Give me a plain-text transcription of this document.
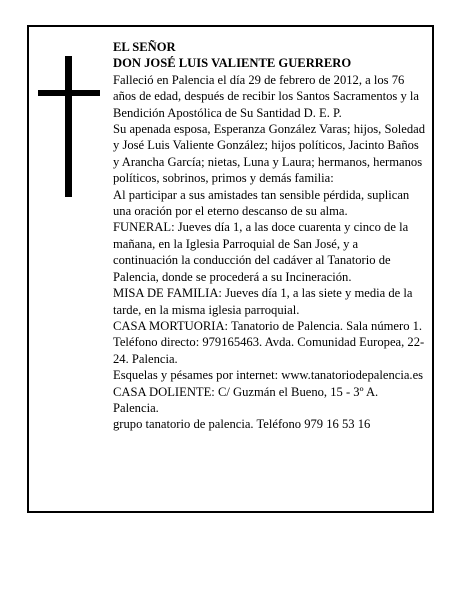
EL SEÑOR

DON JOSÉ LUIS VALIENTE GUERRERO

Falleció en Palencia el día 29 de febrero de 2012, a los 76 años de edad, después de recibir los Santos Sacramentos y la Bendición Apostólica de Su Santidad D. E. P.

Su apenada esposa, Esperanza González Varas; hijos, Soledad y José Luis Valiente González; hijos políticos, Jacinto Baños y Arancha García; nietas, Luna y Laura; hermanos, hermanos políticos, sobrinos, primos y demás familia:

Al participar a sus amistades tan sensible pérdida, suplican una oración por el eterno descanso de su alma.

FUNERAL: Jueves día 1, a las doce cuarenta y cinco de la mañana, en la Iglesia Parroquial de San José, y a continuación la conducción del cadáver al Tanatorio de Palencia, donde se procederá a su Incineración.

MISA DE FAMILIA: Jueves día 1, a las siete y media de la tarde, en la misma iglesia parroquial.

CASA MORTUORIA: Tanatorio de Palencia. Sala número 1. Teléfono directo: 979165463. Avda. Comunidad Europea, 22-24. Palencia.

Esquelas y pésames por internet: www.tanatoriodepalencia.es

CASA DOLIENTE: C/ Guzmán el Bueno, 15 - 3º A. Palencia.

grupo tanatorio de palencia. Teléfono 979 16 53 16
